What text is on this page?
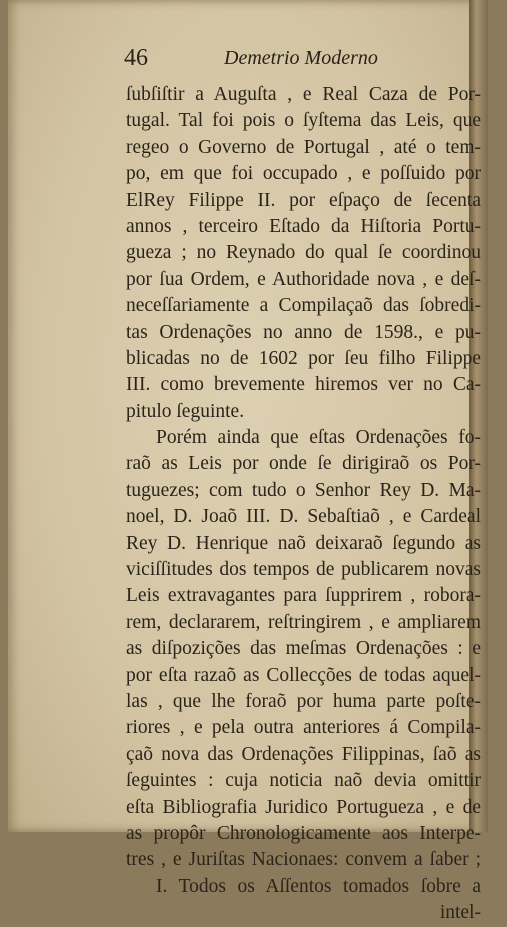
46	Demetrio Moderno
ſubſiſtir a Auguſta , e Real Caza de Por-
tugal. Tal foi pois o ſyſtema das Leis, que
regeo o Governo de Portugal , até o tem-
po, em que foi occupado , e poſſuido por
ElRey Filippe II. por eſpaço de ſecenta
annos , terceiro Eſtado da Hiſtoria Portu-
gueza ; no Reynado do qual ſe coordinou
por ſua Ordem, e Authoridade nova , e deſ-
neceſſariamente a Compilaçaõ das ſobredi-
tas Ordenações no anno de 1598., e pu-
blicadas no de 1602 por ſeu filho Filippe
III. como brevemente hiremos ver no Ca-
pitulo ſeguinte.
Porém ainda que eſtas Ordenações fo-
raõ as Leis por onde ſe dirigiraõ os Por-
tuguezes; com tudo o Senhor Rey D. Ma-
noel, D. Joaõ III. D. Sebaſtiaõ , e Cardeal
Rey D. Henrique naõ deixaraõ ſegundo as
viciſſitudes dos tempos de publicarem novas
Leis extravagantes para ſupprirem , robora-
rem, declararem, reſtringirem , e ampliarem
as diſpozições das meſmas Ordenações : e
por eſta razaõ as Collecções de todas aquel-
las , que lhe foraõ por huma parte poſte-
riores , e pela outra anteriores á Compila-
çaõ nova das Ordenações Filippinas, ſaõ as
ſeguintes : cuja noticia naõ devia omittir
eſta Bibliografia Juridico Portugueza , e de
as propôr Chronologicamente aos Interpe-
tres , e Juriſtas Nacionaes: convem a ſaber ;
I. Todos os Aſſentos tomados ſobre a
intel-
